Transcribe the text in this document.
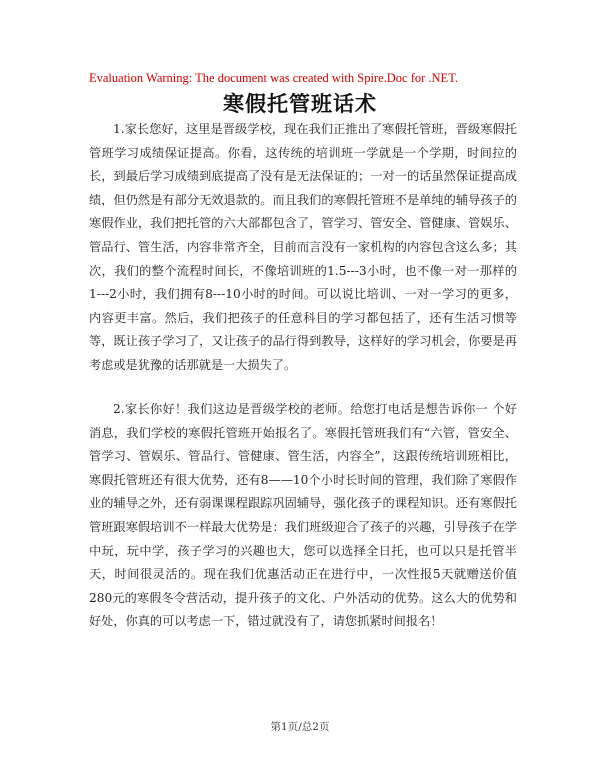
Evaluation Warning: The document was created with Spire.Doc for .NET.
寒假托管班话术

1.家长您好，这里是晋级学校，现在我们正推出了寒假托管班，晋级寒假托管班学习成绩保证提高。你看，这传统的培训班一学就是一个学期，时间拉的长，到最后学习成绩到底提高了没有是无法保证的；一对一的话虽然保证提高成绩，但仍然是有部分无效退款的。而且我们的寒假托管班不是单纯的辅导孩子的寒假作业，我们把托管的六大部都包含了，管学习、管安全、管健康、管娱乐、管品行、管生活，内容非常齐全，目前而言没有一家机构的内容包含这么多；其次，我们的整个流程时间长，不像培训班的1.5---3小时，也不像一对一那样的1---2小时，我们拥有8---10小时的时间。可以说比培训、一对一学习的更多，内容更丰富。然后，我们把孩子的任意科目的学习都包括了，还有生活习惯等等，既让孩子学习了，又让孩子的品行得到教导，这样好的学习机会，你要是再考虑或是犹豫的话那就是一大损失了。

2.家长你好！我们这边是晋级学校的老师。给您打电话是想告诉你一 个好消息，我们学校的寒假托管班开始报名了。寒假托管班我们有“六管，管安全、管学习、管娱乐、管品行、管健康、管生活，内容全”，这跟传统培训班相比，寒假托管班还有很大优势，还有8——10个小时长时间的管理，我们除了寒假作业的辅导之外，还有弱课课程跟踪巩固辅导，强化孩子的课程知识。还有寒假托管班跟寒假培训不一样最大优势是：我们班级迎合了孩子的兴趣，引导孩子在学中玩，玩中学，孩子学习的兴趣也大，您可以选择全日托，也可以只是托管半天，时间很灵活的。现在我们优惠活动正在进行中，一次性报5天就赠送价值280元的寒假冬令营活动，提升孩子的文化、户外活动的优势。这么大的优势和好处，你真的可以考虑一下，错过就没有了，请您抓紧时间报名！

第1页/总2页
